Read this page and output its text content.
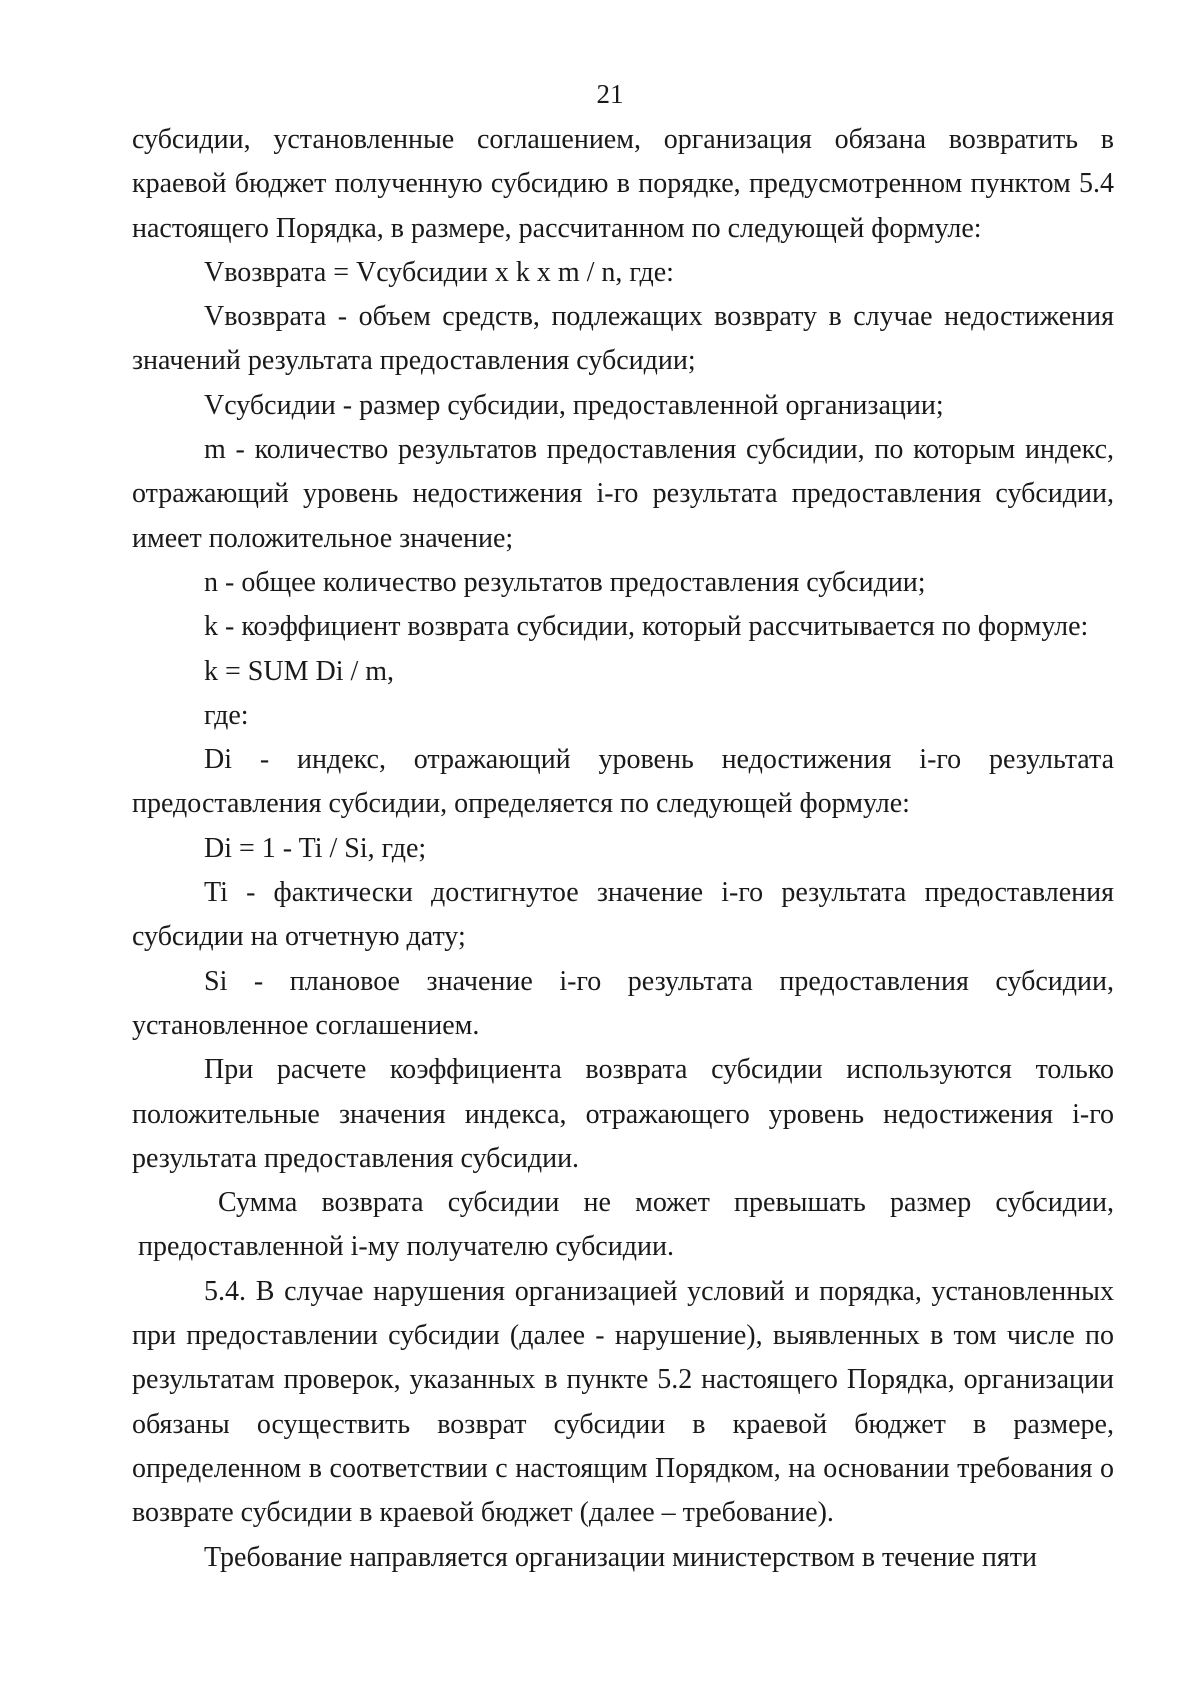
21

субсидии, установленные соглашением, организация обязана возвратить в краевой бюджет полученную субсидию в порядке, предусмотренном пунктом 5.4 настоящего Порядка, в размере, рассчитанном по следующей формуле:

Vвозврата = Vсубсидии x k x m / n, где:

Vвозврата - объем средств, подлежащих возврату в случае недостижения значений результата предоставления субсидии;

Vсубсидии - размер субсидии, предоставленной организации;

m - количество результатов предоставления субсидии, по которым индекс, отражающий уровень недостижения i-го результата предоставления субсидии, имеет положительное значение;

n - общее количество результатов предоставления субсидии;

k - коэффициент возврата субсидии, который рассчитывается по формуле:

k = SUM Di / m,

где:

Di - индекс, отражающий уровень недостижения i-го результата предоставления субсидии, определяется по следующей формуле:

Di = 1 - Ti / Si, где;

Ti - фактически достигнутое значение i-го результата предоставления субсидии на отчетную дату;

Si - плановое значение i-го результата предоставления субсидии, установленное соглашением.

При расчете коэффициента возврата субсидии используются только положительные значения индекса, отражающего уровень недостижения i-го результата предоставления субсидии.

Сумма возврата субсидии не может превышать размер субсидии, предоставленной i-му получателю субсидии.

5.4. В случае нарушения организацией условий и порядка, установленных при предоставлении субсидии (далее - нарушение), выявленных в том числе по результатам проверок, указанных в пункте 5.2 настоящего Порядка, организации обязаны осуществить возврат субсидии в краевой бюджет в размере, определенном в соответствии с настоящим Порядком, на основании требования о возврате субсидии в краевой бюджет (далее – требование).

Требование направляется организации министерством в течение пяти
